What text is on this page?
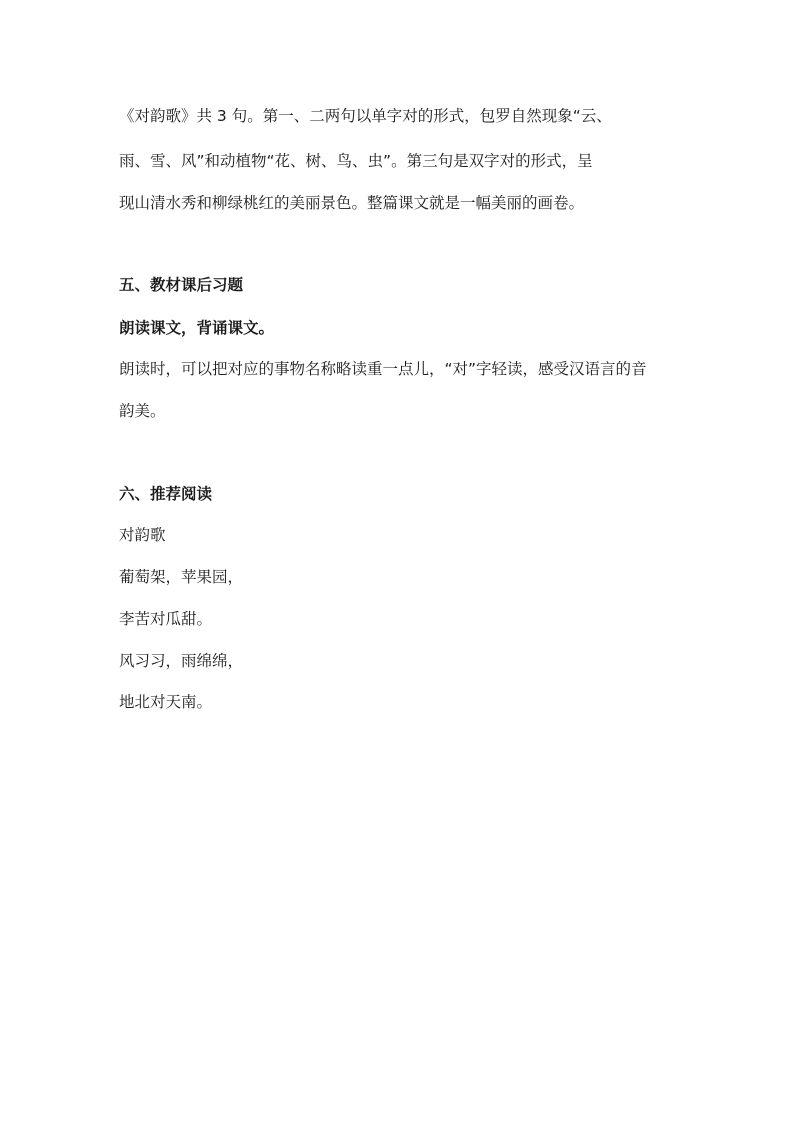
《对韵歌》共 3 句。第一、二两句以单字对的形式，包罗自然现象“云、

雨、雪、风”和动植物“花、树、鸟、虫”。第三句是双字对的形式，呈

现山清水秀和柳绿桃红的美丽景色。整篇课文就是一幅美丽的画卷。

五、教材课后习题

朗读课文，背诵课文。

朗读时，可以把对应的事物名称略读重一点儿，“对”字轻读，感受汉语言的音

韵美。

六、推荐阅读

对韵歌

葡萄架，苹果园，

李苦对瓜甜。

风习习，雨绵绵，

地北对天南。
